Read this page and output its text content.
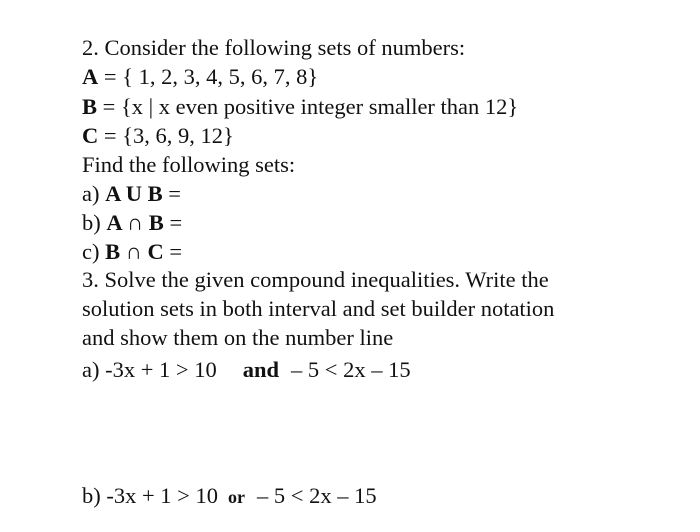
2. Consider the following sets of numbers:
A = { 1, 2, 3, 4, 5, 6, 7, 8}
B = {x | x even positive integer smaller than 12}
C = {3, 6, 9, 12}
Find the following sets:
a) A U B =
b) A ∩ B =
c) B ∩ C =
3. Solve the given compound inequalities. Write the
solution sets in both interval and set builder notation
and show them on the number line
a) -3x + 1 > 10 and – 5 < 2x – 15
b) -3x + 1 > 10 or – 5 < 2x – 15
